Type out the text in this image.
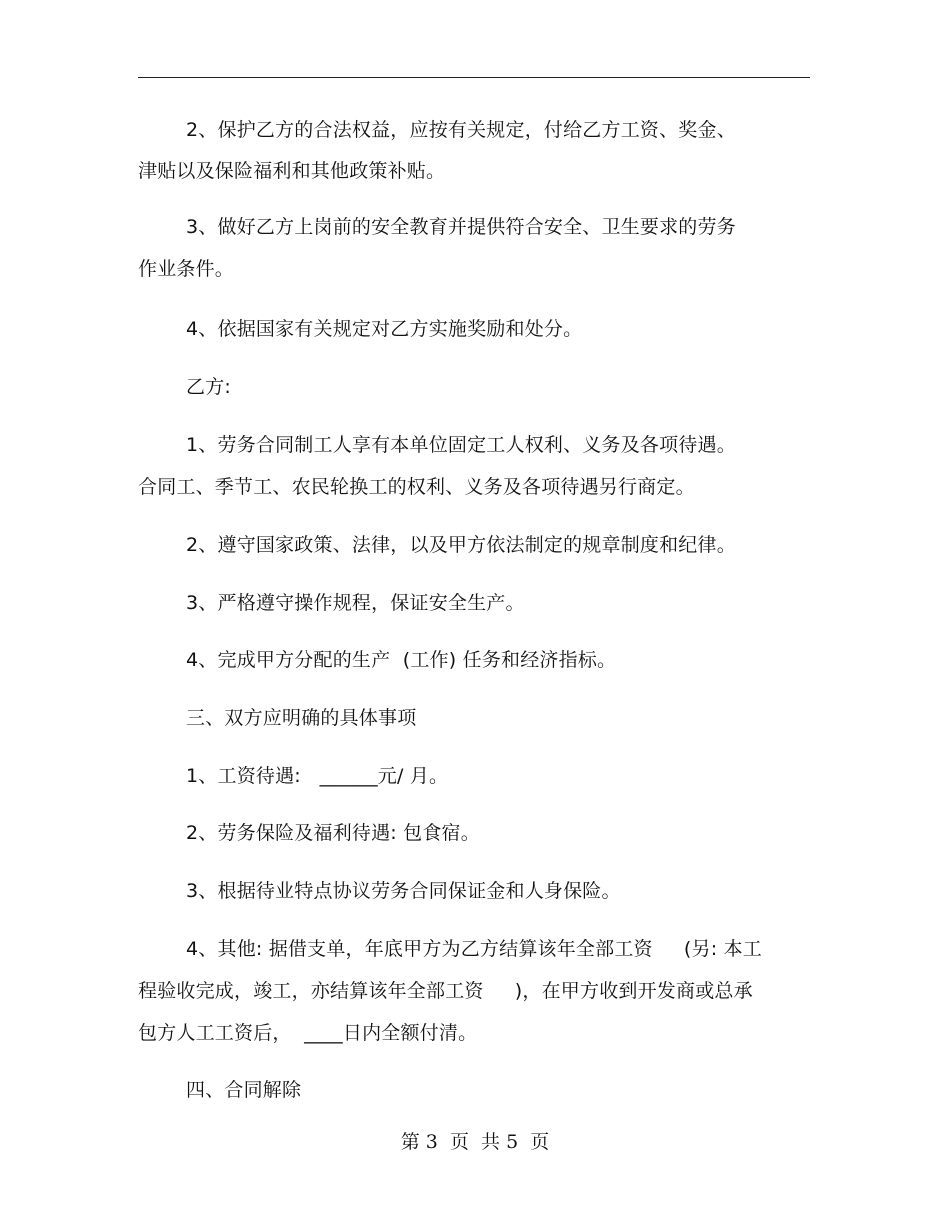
2、保护乙方的合法权益，应按有关规定，付给乙方工资、奖金、
津贴以及保险福利和其他政策补贴。
3、做好乙方上岗前的安全教育并提供符合安全、卫生要求的劳务
作业条件。
4、依据国家有关规定对乙方实施奖励和处分。
乙方:
1、劳务合同制工人享有本单位固定工人权利、义务及各项待遇。
合同工、季节工、农民轮换工的权利、义务及各项待遇另行商定。
2、遵守国家政策、法律，以及甲方依法制定的规章制度和纪律。
3、严格遵守操作规程，保证安全生产。
4、完成甲方分配的生产  (工作) 任务和经济指标。
三、双方应明确的具体事项
1、工资待遇:   ______元/ 月。
2、劳务保险及福利待遇: 包食宿。
3、根据待业特点协议劳务合同保证金和人身保险。
4、其他: 据借支单，年底甲方为乙方结算该年全部工资     (另: 本工
程验收完成，竣工，亦结算该年全部工资     )，在甲方收到开发商或总承
包方人工工资后，  ____日内全额付清。
四、合同解除
第 3  页  共 5  页
